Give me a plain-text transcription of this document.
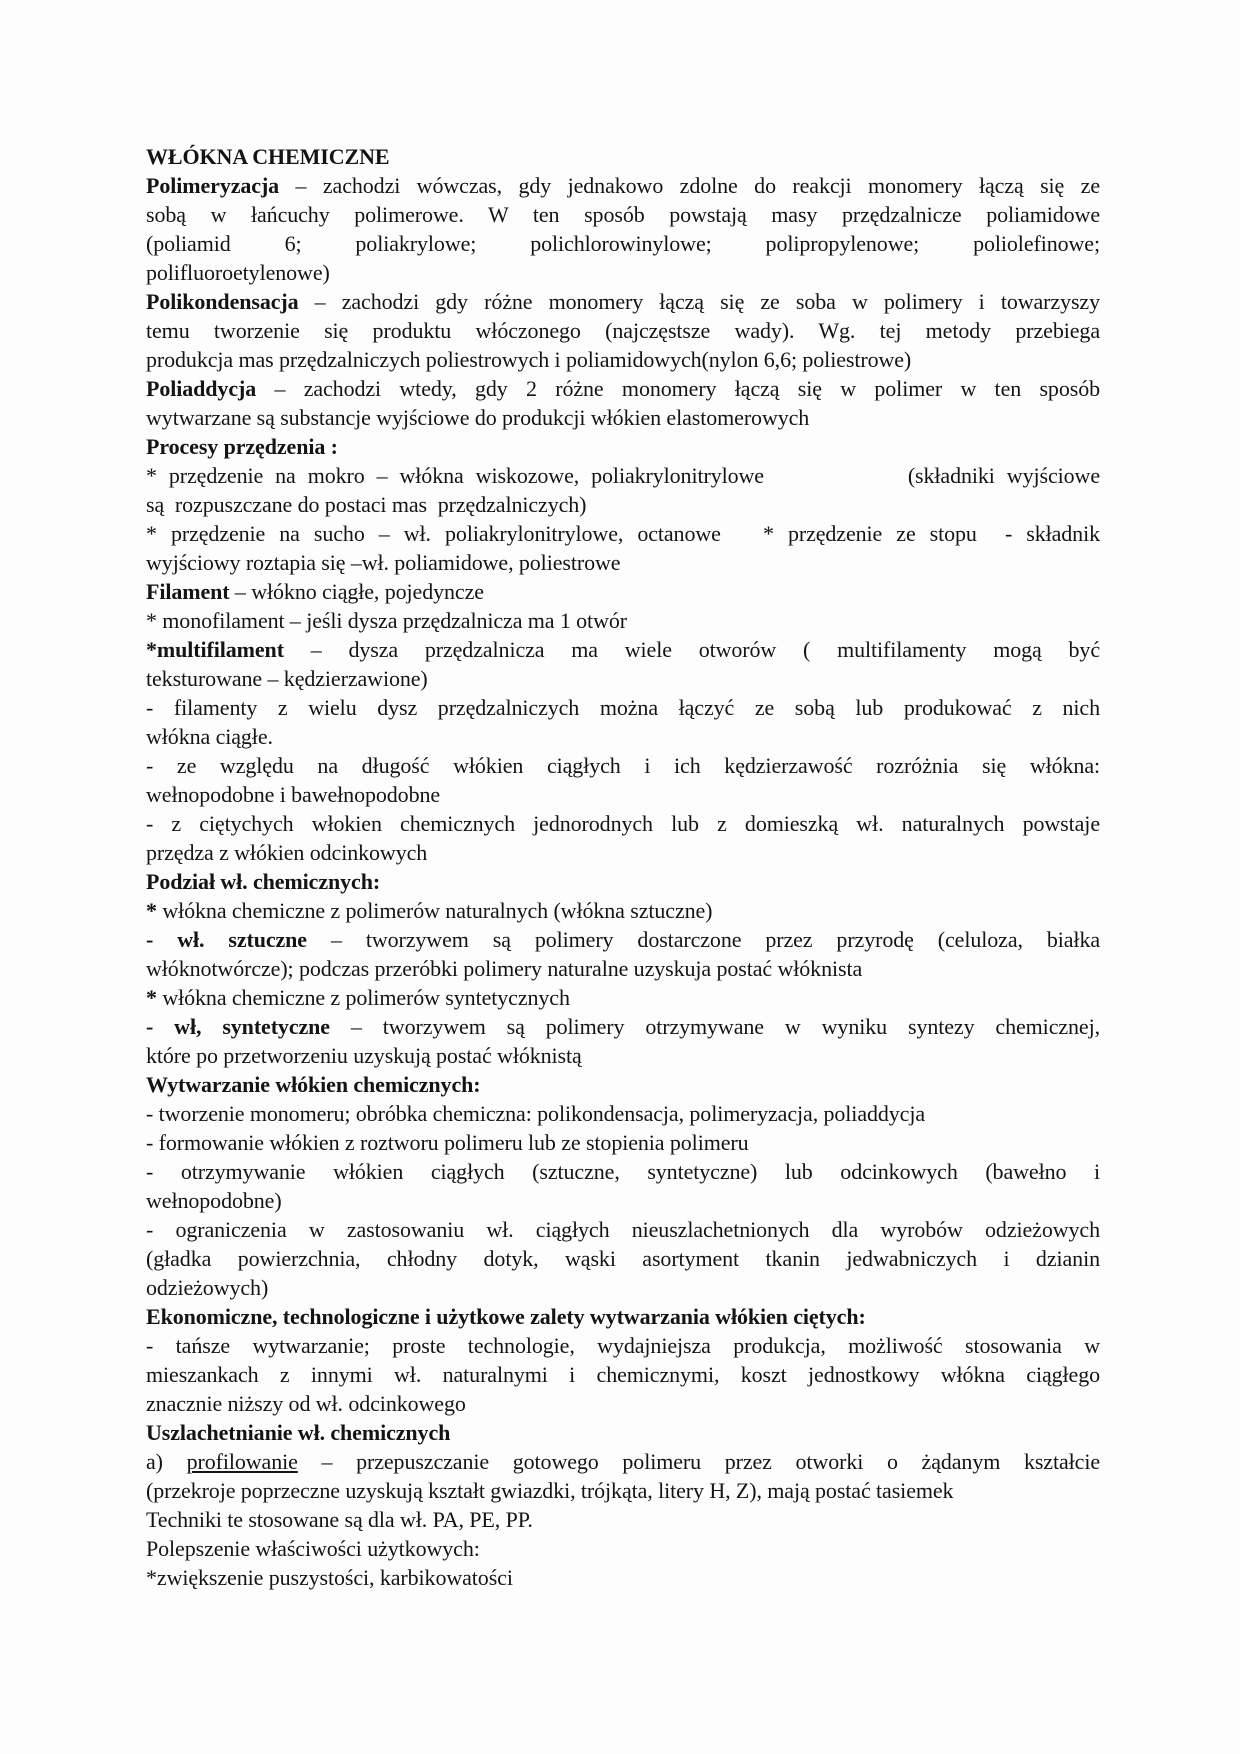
WŁÓKNA CHEMICZNE
Polimeryzacja – zachodzi wówczas, gdy jednakowo zdolne do reakcji monomery łączą się ze
sobą w łańcuchy polimerowe. W ten sposób powstają masy przędzalnicze poliamidowe
(poliamid 6; poliakrylowe; polichlorowinylowe; polipropylenowe; poliolefinowe;
polifluoroetylenowe)
Polikondensacja – zachodzi gdy różne monomery łączą się ze soba w polimery i towarzyszy
temu tworzenie się produktu włóczonego (najczęstsze wady). Wg. tej metody przebiega
produkcja mas przędzalniczych poliestrowych i poliamidowych(nylon 6,6; poliestrowe)
Poliaddycja – zachodzi wtedy, gdy 2 różne monomery łączą się w polimer w ten sposób
wytwarzane są substancje wyjściowe do produkcji włókien elastomerowych
Procesy przędzenia :
* przędzenie na mokro – włókna wiskozowe, poliakrylonitrylowe            (składniki wyjściowe
są  rozpuszczane do postaci mas  przędzalniczych)
* przędzenie na sucho – wł. poliakrylonitrylowe, octanowe   * przędzenie ze stopu  - składnik
wyjściowy roztapia się –wł. poliamidowe, poliestrowe
Filament – włókno ciągłe, pojedyncze
* monofilament – jeśli dysza przędzalnicza ma 1 otwór
*multifilament – dysza przędzalnicza ma wiele otworów ( multifilamenty mogą być
teksturowane – kędzierzawione)
- filamenty z wielu dysz przędzalniczych można łączyć ze sobą lub produkować z nich
włókna ciągłe.
- ze względu na długość włókien ciągłych i ich kędzierzawość rozróżnia się włókna:
wełnopodobne i bawełnopodobne
- z ciętychych włokien chemicznych jednorodnych lub z domieszką wł. naturalnych powstaje
przędza z włókien odcinkowych
Podział wł. chemicznych:
* włókna chemiczne z polimerów naturalnych (włókna sztuczne)
- wł. sztuczne – tworzywem są polimery dostarczone przez przyrodę (celuloza, białka
włóknotwórcze); podczas przeróbki polimery naturalne uzyskuja postać włóknista
* włókna chemiczne z polimerów syntetycznych
- wł, syntetyczne – tworzywem są polimery otrzymywane w wyniku syntezy chemicznej,
które po przetworzeniu uzyskują postać włóknistą
Wytwarzanie włókien chemicznych:
- tworzenie monomeru; obróbka chemiczna: polikondensacja, polimeryzacja, poliaddycja
- formowanie włókien z roztworu polimeru lub ze stopienia polimeru
- otrzymywanie włókien ciągłych (sztuczne, syntetyczne) lub odcinkowych (bawełno i
wełnopodobne)
- ograniczenia w zastosowaniu wł. ciągłych nieuszlachetnionych dla wyrobów odzieżowych
(gładka powierzchnia, chłodny dotyk, wąski asortyment tkanin jedwabniczych i dzianin
odzieżowych)
Ekonomiczne, technologiczne i użytkowe zalety wytwarzania włókien ciętych:
- tańsze wytwarzanie; proste technologie, wydajniejsza produkcja, możliwość stosowania w
mieszankach z innymi wł. naturalnymi i chemicznymi, koszt jednostkowy włókna ciągłego
znacznie niższy od wł. odcinkowego
Uszlachetnianie wł. chemicznych
a) profilowanie – przepuszczanie gotowego polimeru przez otworki o żądanym kształcie
(przekroje poprzeczne uzyskują kształt gwiazdki, trójkąta, litery H, Z), mają postać tasiemek
Techniki te stosowane są dla wł. PA, PE, PP.
Polepszenie właściwości użytkowych:
*zwiększenie puszystości, karbikowatości
